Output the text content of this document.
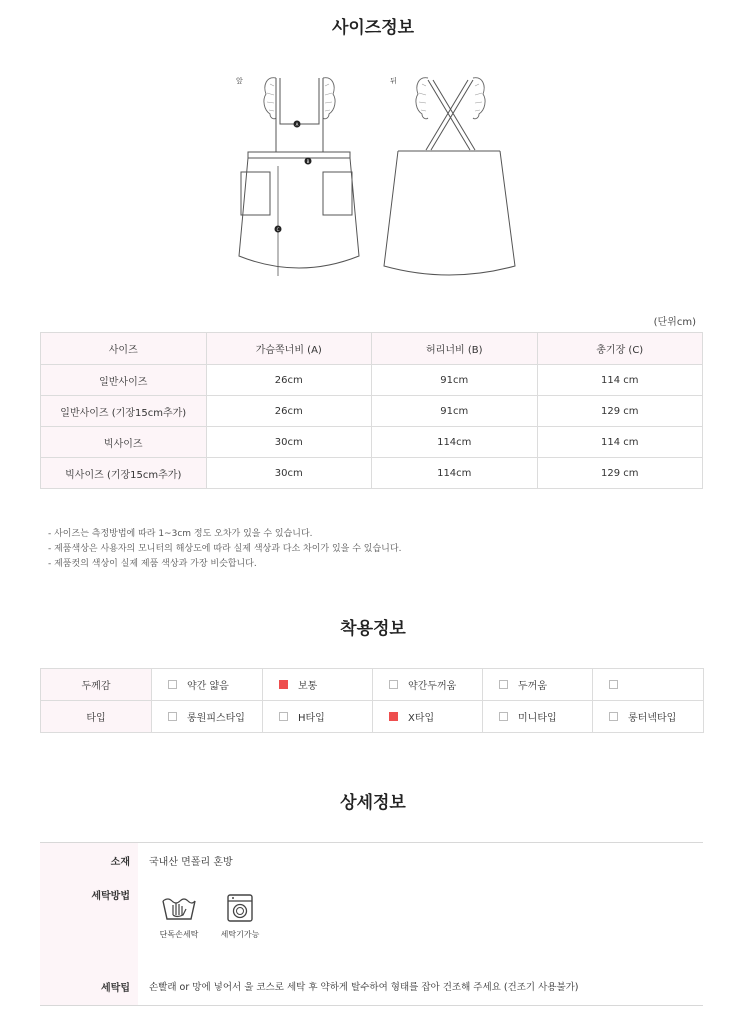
사이즈정보
앞
A
B
C
뒤
(단위cm)
사이즈	가슴쪽너비 (A)	허리너비 (B)	총기장 (C)
일반사이즈	26cm	91cm	114 cm
일반사이즈 (기장15cm추가)	26cm	91cm	129 cm
빅사이즈	30cm	114cm	114 cm
빅사이즈 (기장15cm추가)	30cm	114cm	129 cm
- 사이즈는 측정방법에 따라 1~3cm 정도 오차가 있을 수 있습니다.
- 제품색상은 사용자의 모니터의 해상도에 따라 실제 색상과 다소 차이가 있을 수 있습니다.
- 제품컷의 색상이 실제 제품 색상과 가장 비슷합니다.
착용정보
두께감	약간 얇음	보통	약간두꺼움	두꺼움	
타입	롱원피스타입	H타입	X타입	미니타입	롱터넥타입
상세정보
소재 국내산 면폴리 혼방
세탁방법
단독손세탁	세탁기가능
세탁팁 손빨래 or 망에 넣어서 울 코스로 세탁 후 약하게 탈수하여 형태를 잡아 건조해 주세요 (건조기 사용불가)
